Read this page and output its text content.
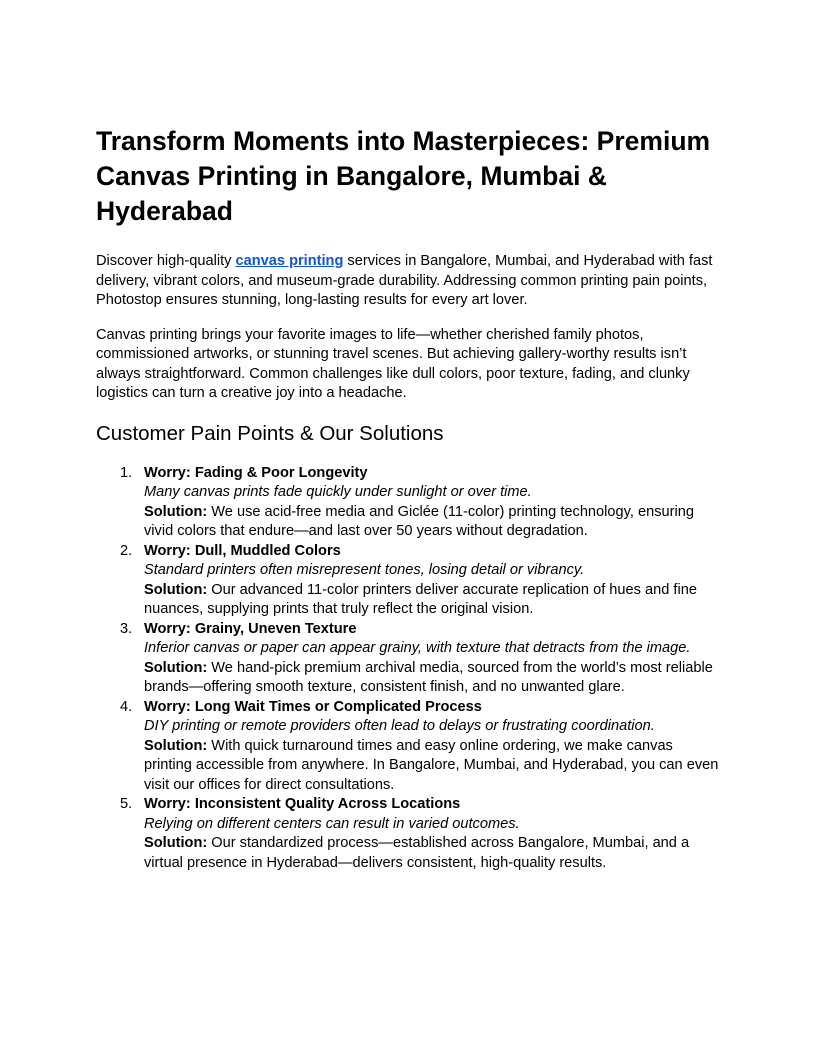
Transform Moments into Masterpieces: Premium Canvas Printing in Bangalore, Mumbai & Hyderabad

Discover high-quality canvas printing services in Bangalore, Mumbai, and Hyderabad with fast delivery, vibrant colors, and museum-grade durability. Addressing common printing pain points, Photostop ensures stunning, long-lasting results for every art lover.

Canvas printing brings your favorite images to life—whether cherished family photos, commissioned artworks, or stunning travel scenes. But achieving gallery-worthy results isn’t always straightforward. Common challenges like dull colors, poor texture, fading, and clunky logistics can turn a creative joy into a headache.

Customer Pain Points & Our Solutions
1. Worry: Fading & Poor Longevity
Many canvas prints fade quickly under sunlight or over time.
Solution: We use acid-free media and Giclée (11-color) printing technology, ensuring vivid colors that endure—and last over 50 years without degradation.
2. Worry: Dull, Muddled Colors
Standard printers often misrepresent tones, losing detail or vibrancy.
Solution: Our advanced 11-color printers deliver accurate replication of hues and fine nuances, supplying prints that truly reflect the original vision.
3. Worry: Grainy, Uneven Texture
Inferior canvas or paper can appear grainy, with texture that detracts from the image.
Solution: We hand-pick premium archival media, sourced from the world’s most reliable brands—offering smooth texture, consistent finish, and no unwanted glare.
4. Worry: Long Wait Times or Complicated Process
DIY printing or remote providers often lead to delays or frustrating coordination.
Solution: With quick turnaround times and easy online ordering, we make canvas printing accessible from anywhere. In Bangalore, Mumbai, and Hyderabad, you can even visit our offices for direct consultations.
5. Worry: Inconsistent Quality Across Locations
Relying on different centers can result in varied outcomes.
Solution: Our standardized process—established across Bangalore, Mumbai, and a virtual presence in Hyderabad—delivers consistent, high-quality results.
